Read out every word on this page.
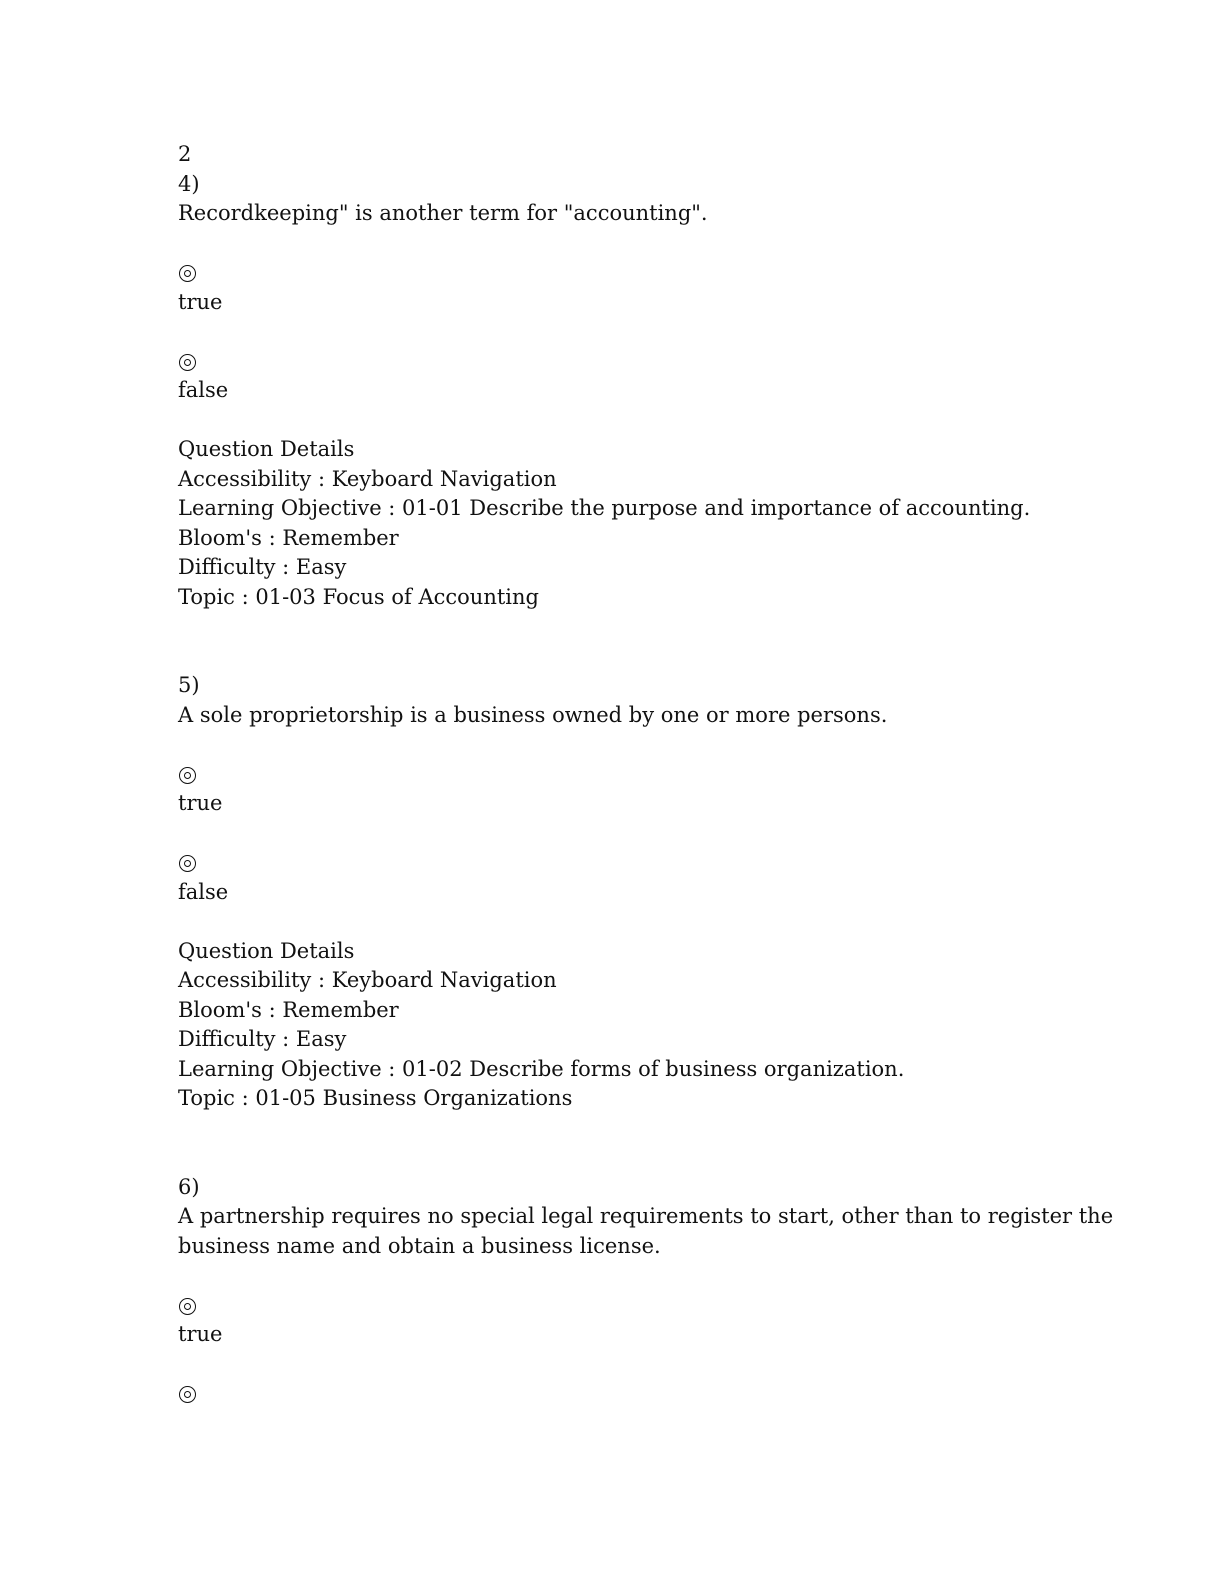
2
4)
Recordkeeping" is another term for "accounting".
true
false
Question Details
Accessibility : Keyboard Navigation
Learning Objective : 01-01 Describe the purpose and importance of accounting.
Bloom's : Remember
Difficulty : Easy
Topic : 01-03 Focus of Accounting
5)
A sole proprietorship is a business owned by one or more persons.
true
false
Question Details
Accessibility : Keyboard Navigation
Bloom's : Remember
Difficulty : Easy
Learning Objective : 01-02 Describe forms of business organization.
Topic : 01-05 Business Organizations
6)
A partnership requires no special legal requirements to start, other than to register the
business name and obtain a business license.
true
